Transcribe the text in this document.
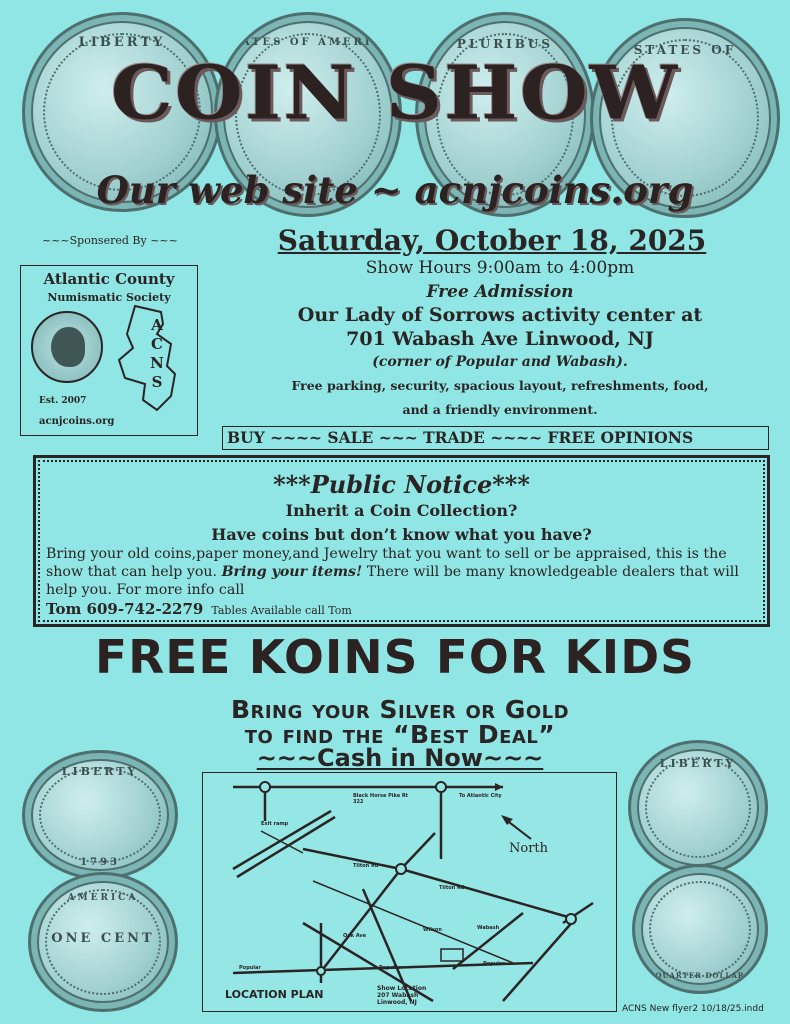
LIBERTY	STATES OF AMERICA	PLURIBUS	STATES OF
COIN SHOW
Our web site ~ acnjcoins.org
~~~Sponsered By ~~~
Atlantic County
Numismatic Society
A
C
N
S
Est. 2007
acnjcoins.org
Saturday, October 18, 2025
Show Hours 9:00am to 4:00pm
Free Admission
Our Lady of Sorrows activity center at
701 Wabash Ave Linwood, NJ
(corner of Popular and Wabash).
Free parking, security, spacious layout, refreshments, food,
and a friendly environment.
BUY ~~~~ SALE ~~~ TRADE ~~~~ FREE OPINIONS
***Public Notice***
Inherit a Coin Collection?
Have coins but don’t know what you have?
Bring your old coins,paper money,and Jewelry that you want to sell or be appraised, this is the show that can help you. Bring your items! There will be many knowledgeable dealers that will help you. For more info call
Tom 609-742-2279 Tables Available call Tom
FREE KOINS FOR KIDS
Bring your Silver or Gold
to find the “Best Deal”
~~~Cash in Now~~~
LIBERTY
1793
ONE CENT
AMERICA
LIBERTY
QUARTER DOLLAR
LOCATION PLAN
North
To Atlantic City
Black Horse Pike Rt 322
Tilton Rd
Tilton Rd
Exit ramp
Popular	Popular
Popular
Wilson	Wabash
Oak Ave
Show Location
207 Wabash
Linwood, NJ
ACNS New flyer2 10/18/25.indd
